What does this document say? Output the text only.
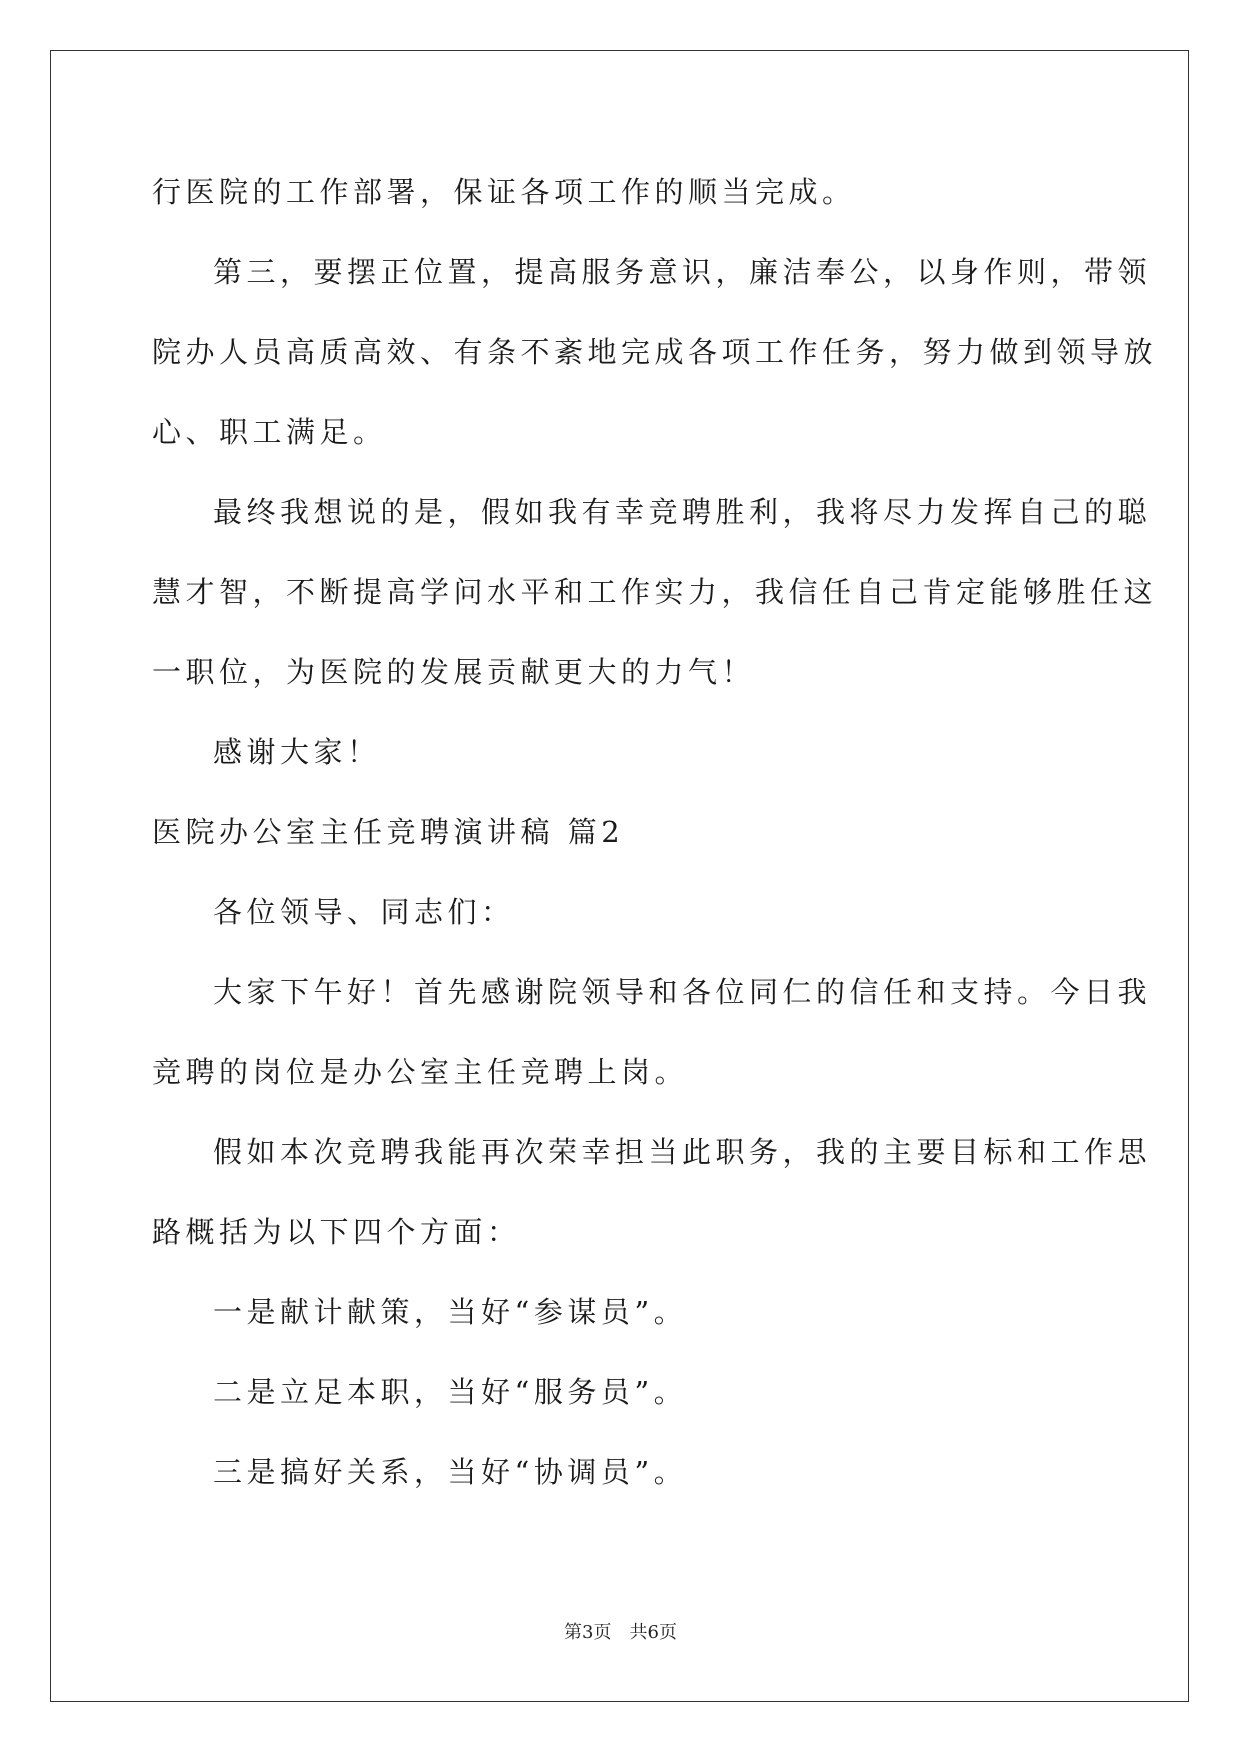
行医院的工作部署，保证各项工作的顺当完成。
第三，要摆正位置，提高服务意识，廉洁奉公，以身作则，带领
院办人员高质高效、有条不紊地完成各项工作任务，努力做到领导放
心、职工满足。
最终我想说的是，假如我有幸竞聘胜利，我将尽力发挥自己的聪
慧才智，不断提高学问水平和工作实力，我信任自己肯定能够胜任这
一职位，为医院的发展贡献更大的力气！
感谢大家！
医院办公室主任竞聘演讲稿 篇2
各位领导、同志们：
大家下午好！首先感谢院领导和各位同仁的信任和支持。今日我
竞聘的岗位是办公室主任竞聘上岗。
假如本次竞聘我能再次荣幸担当此职务，我的主要目标和工作思
路概括为以下四个方面：
一是献计献策，当好“参谋员”。
二是立足本职，当好“服务员”。
三是搞好关系，当好“协调员”。
第3页 共6页
